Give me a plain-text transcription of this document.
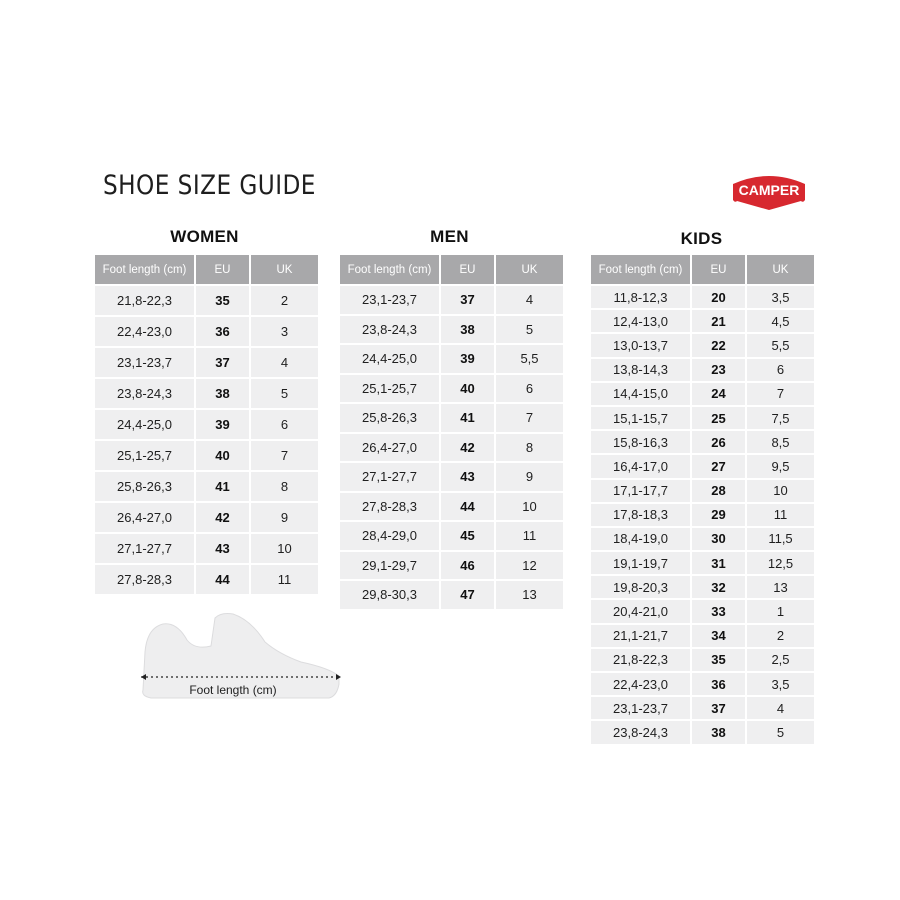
SHOE SIZE GUIDE	CAMPER
WOMEN
Foot length (cm)	EU	UK
21,8-22,3	35	2
22,4-23,0	36	3
23,1-23,7	37	4
23,8-24,3	38	5
24,4-25,0	39	6
25,1-25,7	40	7
25,8-26,3	41	8
26,4-27,0	42	9
27,1-27,7	43	10
27,8-28,3	44	11
MEN
Foot length (cm)	EU	UK
23,1-23,7	37	4
23,8-24,3	38	5
24,4-25,0	39	5,5
25,1-25,7	40	6
25,8-26,3	41	7
26,4-27,0	42	8
27,1-27,7	43	9
27,8-28,3	44	10
28,4-29,0	45	11
29,1-29,7	46	12
29,8-30,3	47	13
KIDS
Foot length (cm)	EU	UK
11,8-12,3	20	3,5
12,4-13,0	21	4,5
13,0-13,7	22	5,5
13,8-14,3	23	6
14,4-15,0	24	7
15,1-15,7	25	7,5
15,8-16,3	26	8,5
16,4-17,0	27	9,5
17,1-17,7	28	10
17,8-18,3	29	11
18,4-19,0	30	11,5
19,1-19,7	31	12,5
19,8-20,3	32	13
20,4-21,0	33	1
21,1-21,7	34	2
21,8-22,3	35	2,5
22,4-23,0	36	3,5
23,1-23,7	37	4
23,8-24,3	38	5
Foot length (cm)
